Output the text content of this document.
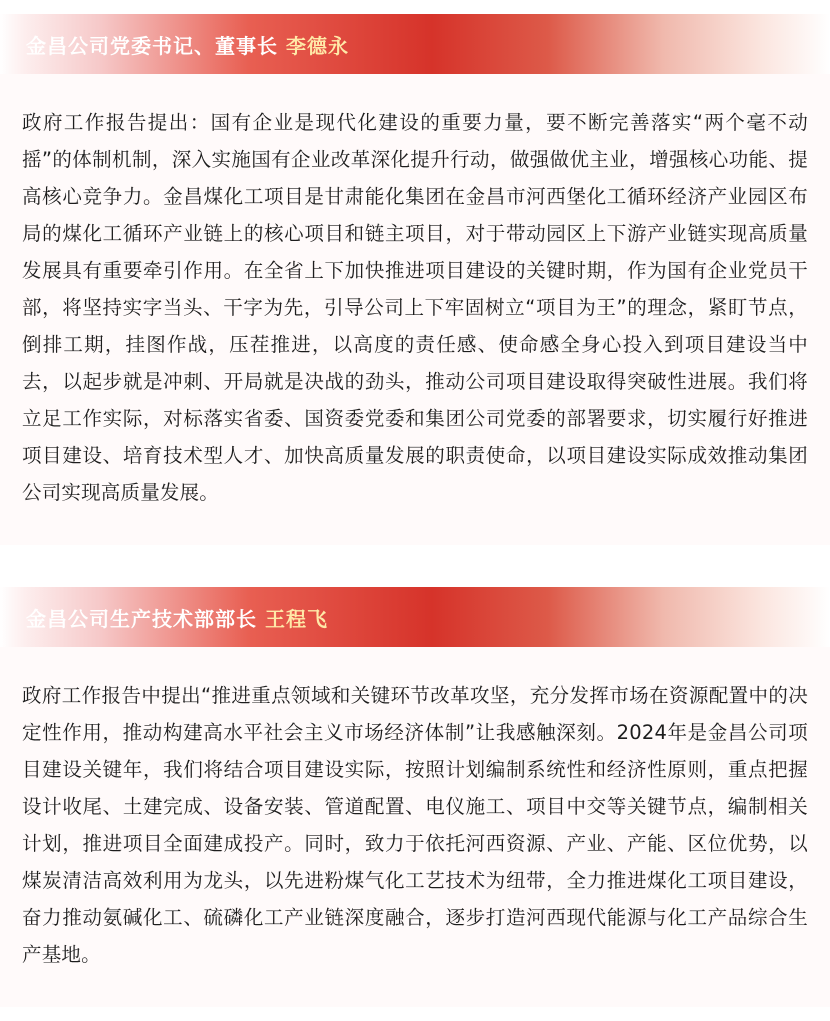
金昌公司党委书记、董事长 李德永

政府工作报告提出：国有企业是现代化建设的重要力量，要不断完善落实“两个毫不动摇”的体制机制，深入实施国有企业改革深化提升行动，做强做优主业，增强核心功能、提高核心竞争力。金昌煤化工项目是甘肃能化集团在金昌市河西堡化工循环经济产业园区布局的煤化工循环产业链上的核心项目和链主项目，对于带动园区上下游产业链实现高质量发展具有重要牵引作用。在全省上下加快推进项目建设的关键时期，作为国有企业党员干部，将坚持实字当头、干字为先，引导公司上下牢固树立“项目为王”的理念，紧盯节点，倒排工期，挂图作战，压茬推进，以高度的责任感、使命感全身心投入到项目建设当中去，以起步就是冲刺、开局就是决战的劲头，推动公司项目建设取得突破性进展。我们将立足工作实际，对标落实省委、国资委党委和集团公司党委的部署要求，切实履行好推进项目建设、培育技术型人才、加快高质量发展的职责使命，以项目建设实际成效推动集团公司实现高质量发展。

金昌公司生产技术部部长 王程飞

政府工作报告中提出“推进重点领域和关键环节改革攻坚，充分发挥市场在资源配置中的决定性作用，推动构建高水平社会主义市场经济体制”让我感触深刻。2024年是金昌公司项目建设关键年，我们将结合项目建设实际，按照计划编制系统性和经济性原则，重点把握设计收尾、土建完成、设备安装、管道配置、电仪施工、项目中交等关键节点，编制相关计划，推进项目全面建成投产。同时，致力于依托河西资源、产业、产能、区位优势，以煤炭清洁高效利用为龙头，以先进粉煤气化工艺技术为纽带，全力推进煤化工项目建设，奋力推动氨碱化工、硫磷化工产业链深度融合，逐步打造河西现代能源与化工产品综合生产基地。
